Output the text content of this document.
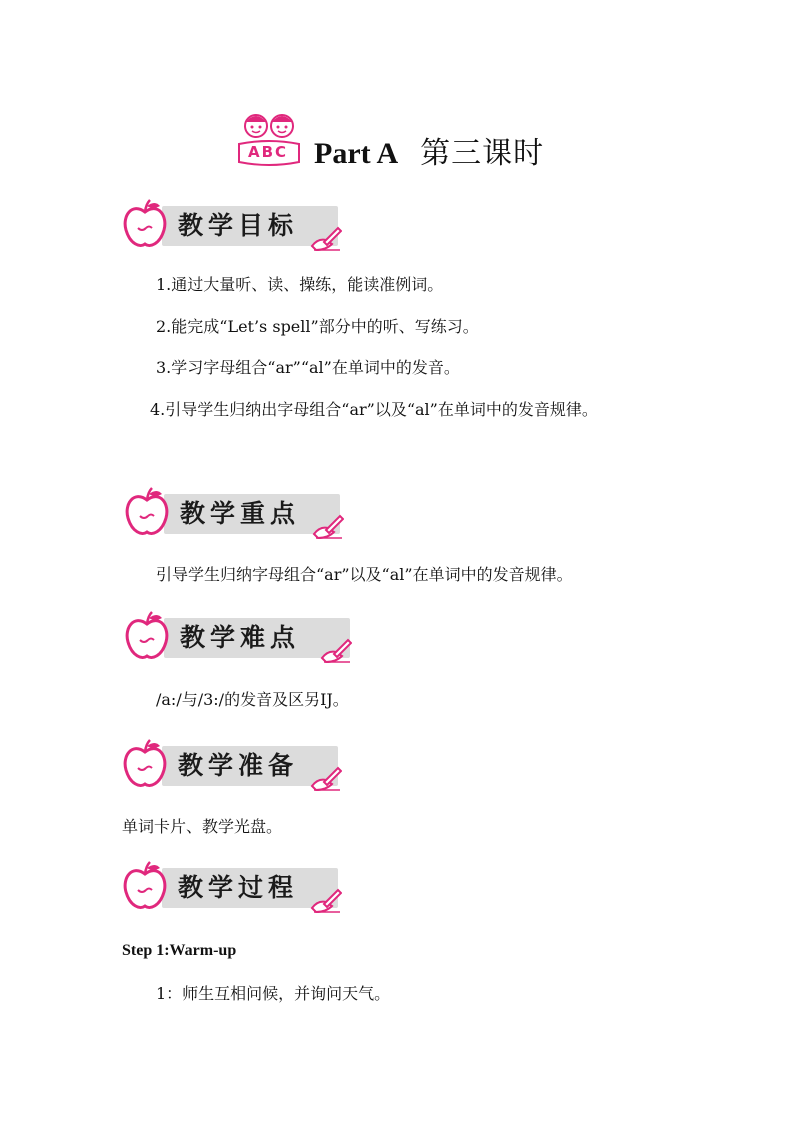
ABC Part A 第三课时
教学目标
1.通过大量听、读、操练，能读准例词。
2.能完成“Let’s spell”部分中的听、写练习。
3.学习字母组合“ar”“al”在单词中的发音。
4.引导学生归纳出字母组合“ar”以及“al”在单词中的发音规律。
教学重点
引导学生归纳字母组合“ar”以及“al”在单词中的发音规律。
教学难点
/a:/与/3:/的发音及区另IJ。
教学准备
单词卡片、教学光盘。
教学过程
Step 1:Warm-up
1：师生互相问候，并询问天气。
